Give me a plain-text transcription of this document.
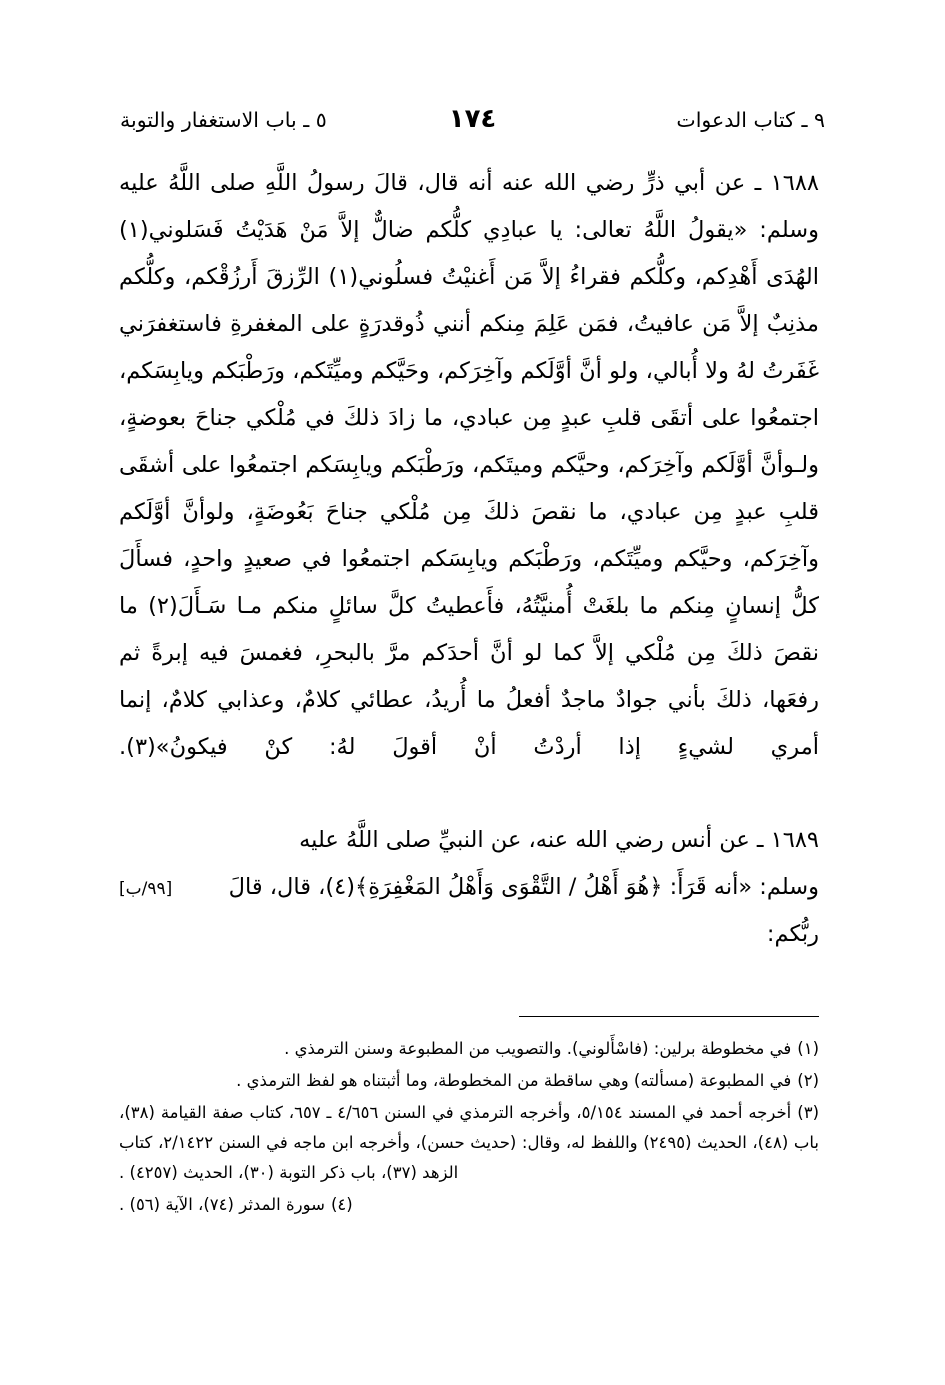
٩ ـ كتاب الدعوات
١٧٤
٥ ـ باب الاستغفار والتوبة

١٦٨٨ ـ عن أبي ذرٍّ رضي الله عنه أنه قال، قالَ رسولُ اللَّهِ صلى اللَّهُ عليه وسلم: «يقولُ اللَّهُ تعالى: يا عبادِي كلُّكم ضالٌّ إلاَّ مَنْ هَدَيْتُ فَسَلوني(١) الهُدَى أَهْدِكم، وكلُّكم فقراءُ إلاَّ مَن أَغنيْتُ فسلُوني(١) الرِّزقَ أَرزُقْكم، وكلُّكم مذنِبٌ إلاَّ مَن عافيتُ، فمَن عَلِمَ مِنكم أنني ذُوقدرَةٍ على المغفرةِ فاستغفرَني غَفَرتُ لهُ ولا أُبالي، ولو أنَّ أوَّلَكم وآخِرَكم، وحَيَّكم وميِّتَكم، ورَطْبَكم ويابِسَكم، اجتمعُوا على أتقَى قلبِ عبدٍ مِن عبادي، ما زادَ ذلكَ في مُلْكي جناحَ بعوضةٍ، ولـوأنَّ أوَّلَكم وآخِرَكم، وحيَّكم وميتَكم، ورَطْبَكم ويابِسَكم اجتمعُوا على أشقَى قلبِ عبدٍ مِن عبادي، ما نقصَ ذلكَ مِن مُلْكي جناحَ بَعُوضَةٍ، ولوأنَّ أوَّلَكم وآخِرَكم، وحيَّكم وميِّتَكم، ورَطْبَكم ويابِسَكم اجتمعُوا في صعيدٍ واحدٍ، فسأَلَ كلُّ إنسانٍ مِنكم ما بلغَتْ أُمنيَّتُهُ، فأَعطيتُ كلَّ سائلٍ منكم مـا سَـأَلَ(٢) ما نقصَ ذلكَ مِن مُلْكي إلاَّ كما لو أنَّ أحدَكم مرَّ بالبحرِ، فغمسَ فيه إبرةً ثم رفعَها، ذلكَ بأني جوادٌ ماجدٌ أفعلُ ما أُريدُ، عطائي كلامٌ، وعذابي كلامٌ، إنما أمري لشيءٍ إذا أردْتُ أنْ أقولَ لهُ: كنْ فيكونُ»(٣).

١٦٨٩ ـ عن أنس رضي الله عنه، عن النبيِّ صلى اللَّهُ عليه

وسلم: «أنه قَرَأَ: ﴿هُوَ أَهْلُ / التَّقْوَى وَأَهْلُ المَغْفِرَةِ﴾(٤)، قال، قالَ ربُّكم:
[٩٩/ب]
(١)في مخطوطة برلين: (فاسْأَلوني). والتصويب من المطبوعة وسنن الترمذي .
(٢)في المطبوعة (مسألته) وهي ساقطة من المخطوطة، وما أثبتناه هو لفظ الترمذي .
(٣)أخرجه أحمد في المسند ٥/١٥٤، وأخرجه الترمذي في السنن ٤/٦٥٦ ـ ٦٥٧، كتاب صفة القيامة (٣٨)، باب (٤٨)، الحديث (٢٤٩٥) واللفظ له، وقال: (حديث حسن)، وأخرجه ابن ماجه في السنن ٢/١٤٢٢، كتاب الزهد (٣٧)، باب ذكر التوبة (٣٠)، الحديث (٤٢٥٧) .
(٤)سورة المدثر (٧٤)، الآية (٥٦) .
